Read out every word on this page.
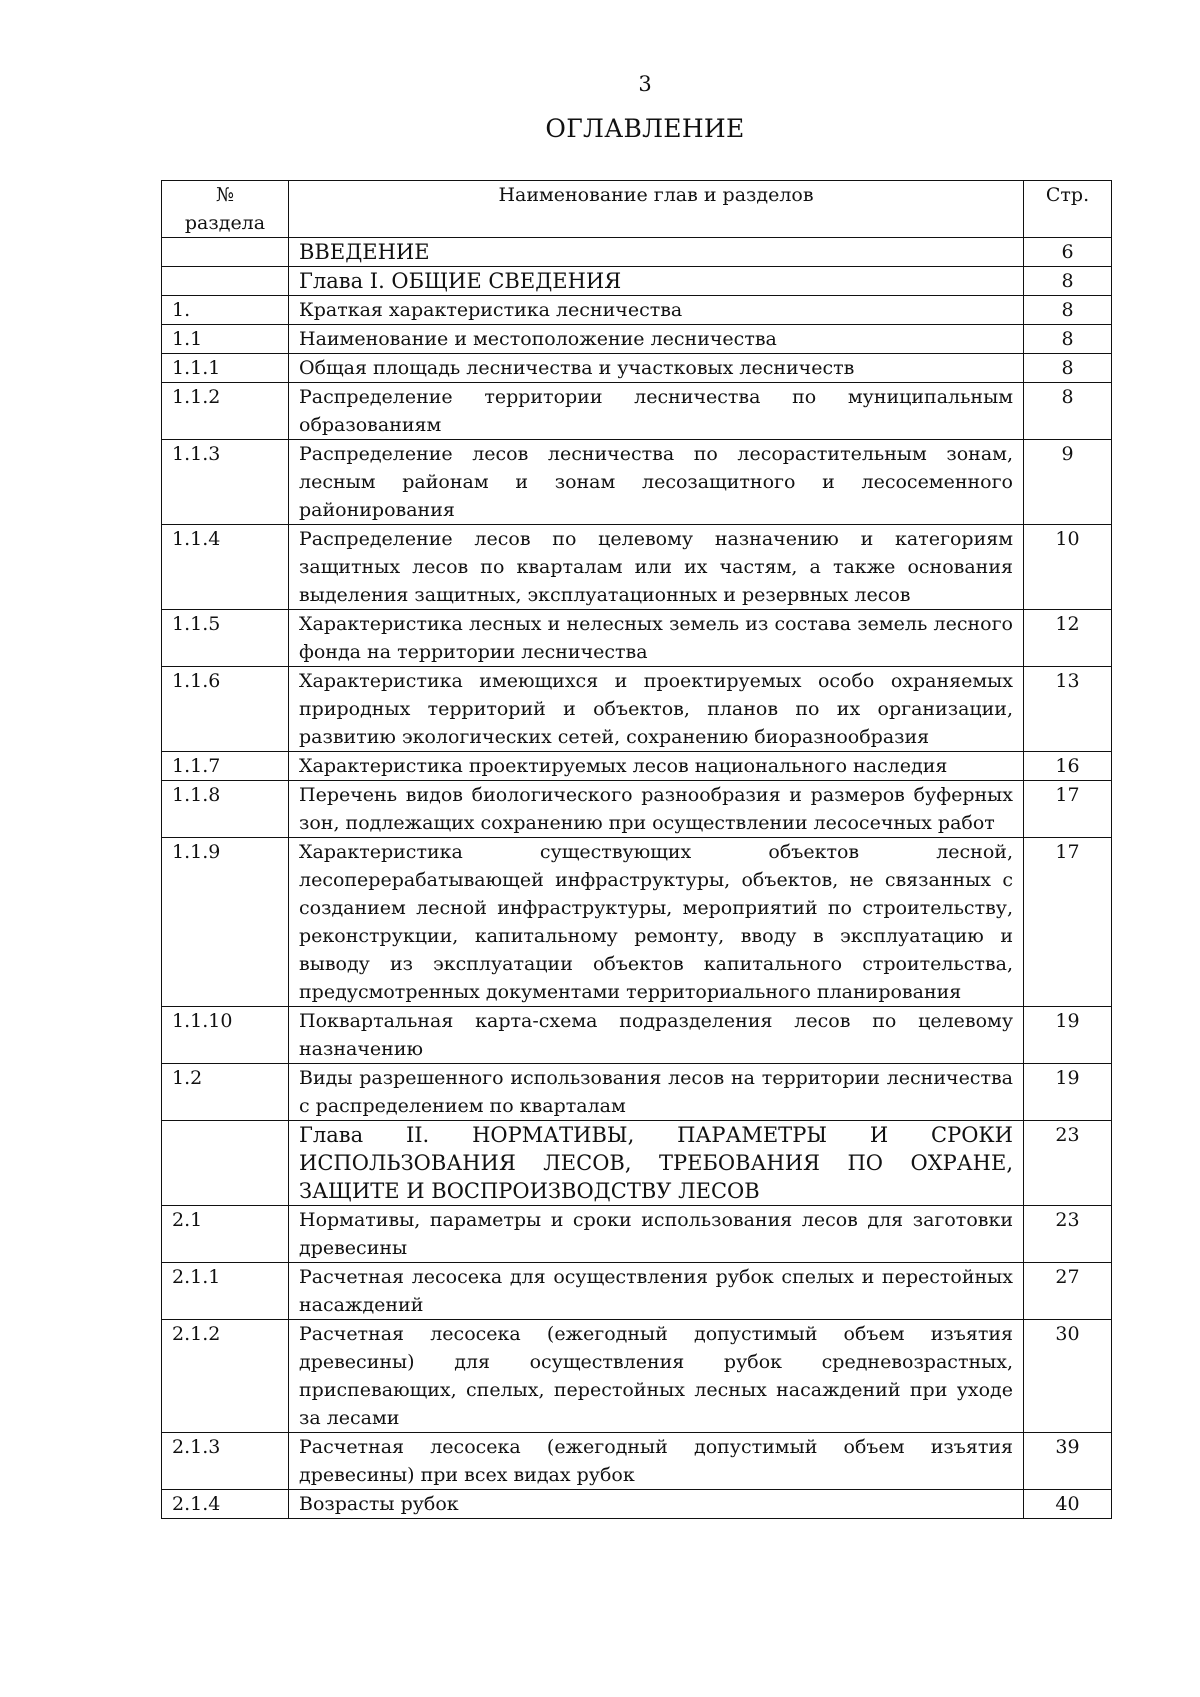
3
ОГЛАВЛЕНИЕ
№
раздела	Наименование глав и разделов	Стр.
	ВВЕДЕНИЕ	6
	Глава I. ОБЩИЕ СВЕДЕНИЯ	8
1.	Краткая характеристика лесничества	8
1.1	Наименование и местоположение лесничества	8
1.1.1	Общая площадь лесничества и участковых лесничеств	8
1.1.2	Распределение территории лесничества по муниципальным образованиям	8
1.1.3	Распределение лесов лесничества по лесорастительным зонам, лесным районам и зонам лесозащитного и лесосеменного районирования	9
1.1.4	Распределение лесов по целевому назначению и категориям защитных лесов по кварталам или их частям, а также основания выделения защитных, эксплуатационных и резервных лесов	10
1.1.5	Характеристика лесных и нелесных земель из состава земель лесного фонда на территории лесничества	12
1.1.6	Характеристика имеющихся и проектируемых особо охраняемых природных территорий и объектов, планов по их организации, развитию экологических сетей, сохранению биоразнообразия	13
1.1.7	Характеристика проектируемых лесов национального наследия	16
1.1.8	Перечень видов биологического разнообразия и размеров буферных зон, подлежащих сохранению при осуществлении лесосечных работ	17
1.1.9	Характеристика существующих объектов лесной, лесоперерабатывающей инфраструктуры, объектов, не связанных с созданием лесной инфраструктуры, мероприятий по строительству, реконструкции, капитальному ремонту, вводу в эксплуатацию и выводу из эксплуатации объектов капитального строительства, предусмотренных документами территориального планирования	17
1.1.10	Поквартальная карта-схема подразделения лесов по целевому назначению	19
1.2	Виды разрешенного использования лесов на территории лесничества с распределением по кварталам	19
	Глава II. НОРМАТИВЫ, ПАРАМЕТРЫ И СРОКИ ИСПОЛЬЗОВАНИЯ ЛЕСОВ, ТРЕБОВАНИЯ ПО ОХРАНЕ, ЗАЩИТЕ И ВОСПРОИЗВОДСТВУ ЛЕСОВ	23
2.1	Нормативы, параметры и сроки использования лесов для заготовки древесины	23
2.1.1	Расчетная лесосека для осуществления рубок спелых и перестойных насаждений	27
2.1.2	Расчетная лесосека (ежегодный допустимый объем изъятия древесины) для осуществления рубок средневозрастных, приспевающих, спелых, перестойных лесных насаждений при уходе за лесами	30
2.1.3	Расчетная лесосека (ежегодный допустимый объем изъятия древесины) при всех видах рубок	39
2.1.4	Возрасты рубок	40
